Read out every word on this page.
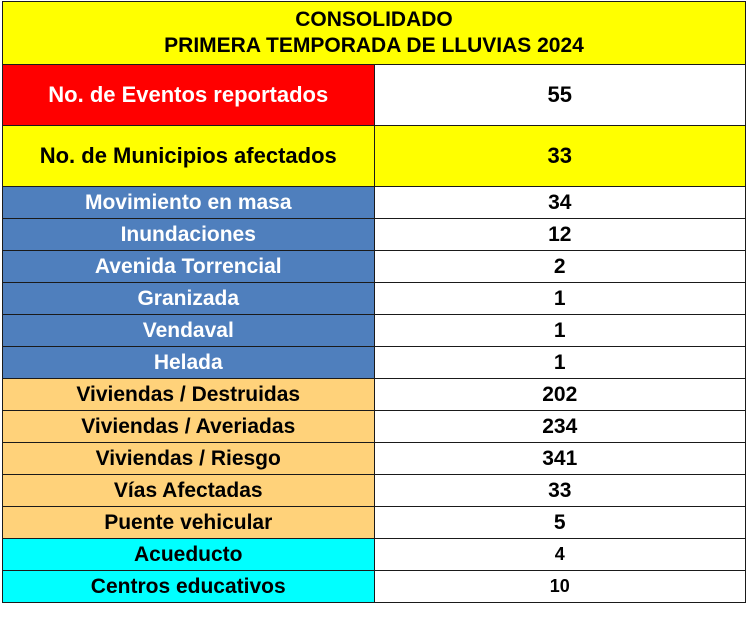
CONSOLIDADO
PRIMERA TEMPORADA DE LLUVIAS 2024	

No. de Eventos reportados	55
No. de Municipios afectados	33
Movimiento en masa	34
Inundaciones	12
Avenida Torrencial	2
Granizada	1
Vendaval	1
Helada	1
Viviendas / Destruidas	202
Viviendas / Averiadas	234
Viviendas / Riesgo	341
Vías Afectadas	33
Puente vehicular	5
Acueducto	4
Centros educativos	10
